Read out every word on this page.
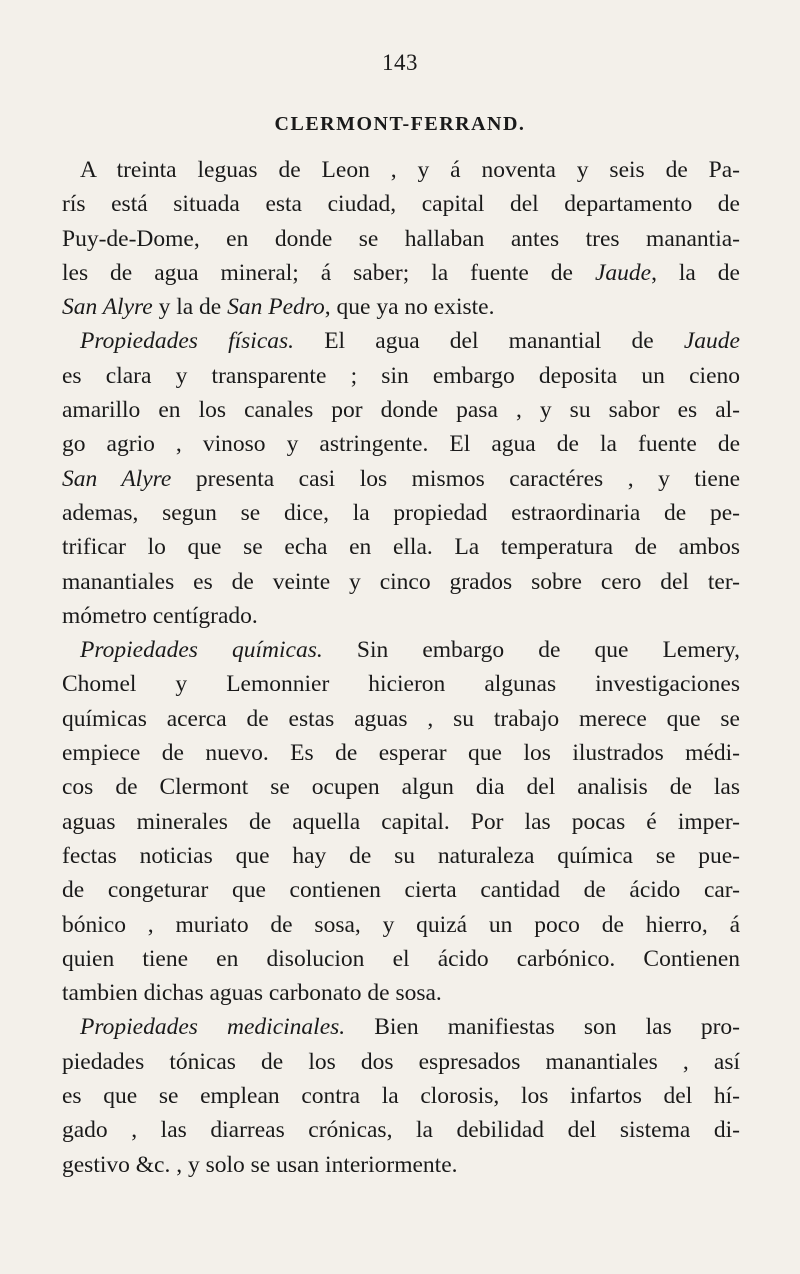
143
CLERMONT-FERRAND.
A treinta leguas de Leon , y á noventa y seis de Pa-
rís está situada esta ciudad, capital del departamento de
Puy-de-Dome, en donde se hallaban antes tres manantia-
les de agua mineral; á saber; la fuente de Jaude, la de
San Alyre y la de San Pedro, que ya no existe.
Propiedades físicas. El agua del manantial de Jaude
es clara y transparente ; sin embargo deposita un cieno
amarillo en los canales por donde pasa , y su sabor es al-
go agrio , vinoso y astringente. El agua de la fuente de
San Alyre presenta casi los mismos caractéres , y tiene
ademas, segun se dice, la propiedad estraordinaria de pe-
trificar lo que se echa en ella. La temperatura de ambos
manantiales es de veinte y cinco grados sobre cero del ter-
mómetro centígrado.
Propiedades químicas. Sin embargo de que Lemery,
Chomel y Lemonnier hicieron algunas investigaciones
químicas acerca de estas aguas , su trabajo merece que se
empiece de nuevo. Es de esperar que los ilustrados médi-
cos de Clermont se ocupen algun dia del analisis de las
aguas minerales de aquella capital. Por las pocas é imper-
fectas noticias que hay de su naturaleza química se pue-
de congeturar que contienen cierta cantidad de ácido car-
bónico , muriato de sosa, y quizá un poco de hierro, á
quien tiene en disolucion el ácido carbónico. Contienen
tambien dichas aguas carbonato de sosa.
Propiedades medicinales. Bien manifiestas son las pro-
piedades tónicas de los dos espresados manantiales , así
es que se emplean contra la clorosis, los infartos del hí-
gado , las diarreas crónicas, la debilidad del sistema di-
gestivo &c. , y solo se usan interiormente.
